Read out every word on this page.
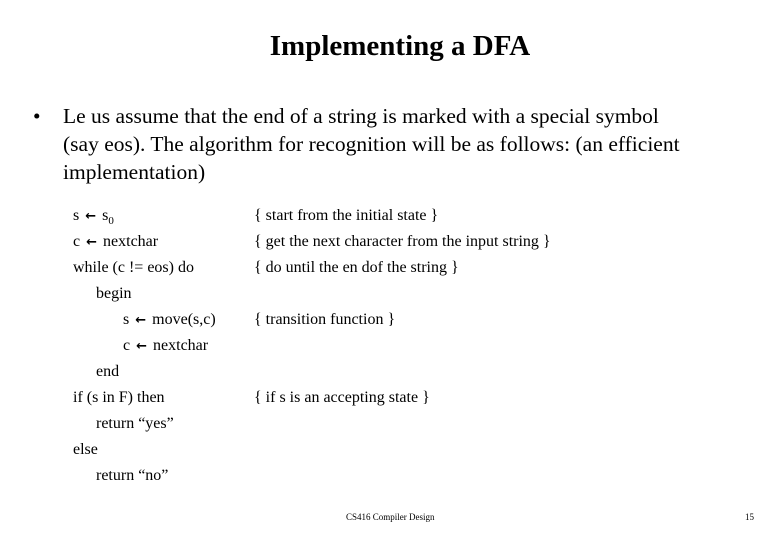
Implementing a DFA
• Le us assume that the end of a string is marked with a special symbol
(say eos). The algorithm for recognition will be as follows: (an efficient
implementation)
s ← $s_0$
c ← nextchar
while (c != eos) do
begin
s ← move(s,c)
c ← nextchar
end
if (s in F) then
return “yes”
else
return “no”
{ start from the initial state }
{ get the next character from the input string }
{ do until the en dof the string }
{ transition function }
{ if s is an accepting state }
CS416 Compiler Design	15
